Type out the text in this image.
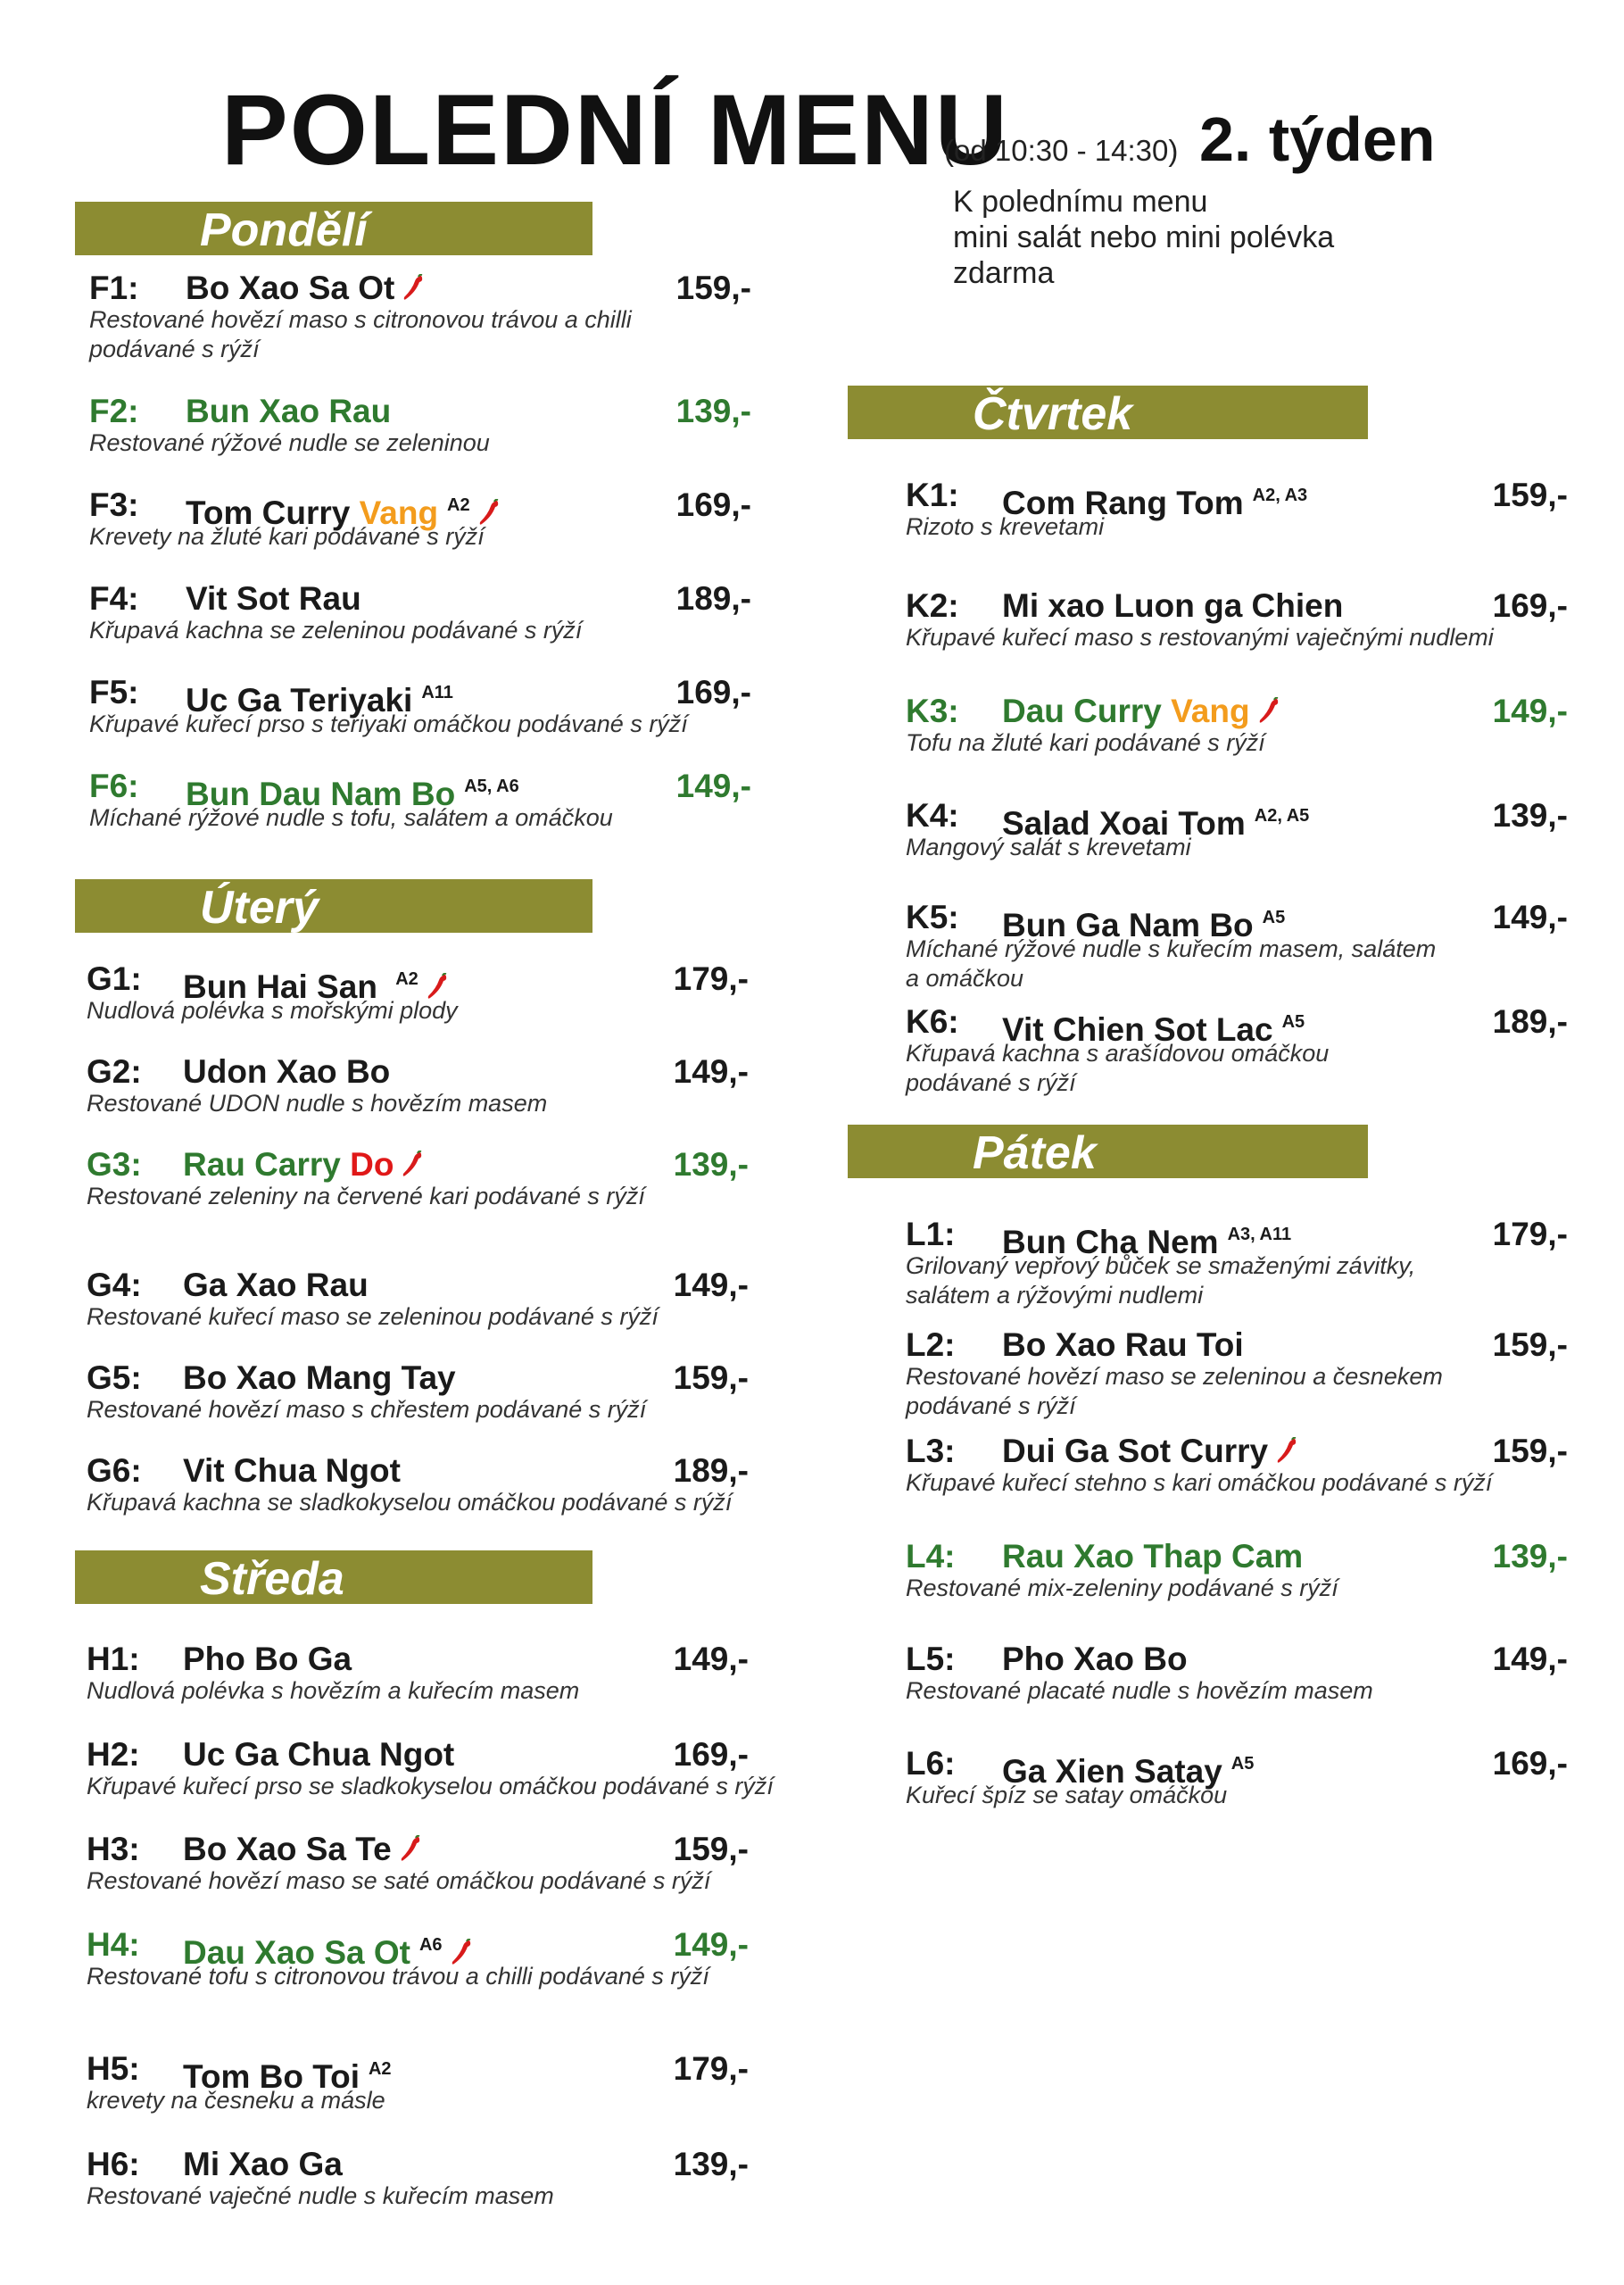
POLEDNÍ MENU
(od 10:30 - 14:30) 2. týden
K polednímu menu
mini salát nebo mini polévka
zdarma
Pondělí
F1: Bo Xao Sa Ot	159,-
Restované hovězí maso s citronovou trávou a chilli
podávané s rýží
F2: Bun Xao Rau	139,-
Restované rýžové nudle se zeleninou
F3: Tom Curry Vang $^{A2}$	169,-
Krevety na žluté kari podávané s rýží
F4: Vit Sot Rau	189,-
Křupavá kachna se zeleninou podávané s rýží
F5: Uc Ga Teriyaki $^{A11}$	169,-
Křupavé kuřecí prso s teriyaki omáčkou podávané s rýží
F6: Bun Dau Nam Bo $^{A5, A6}$	149,-
Míchané rýžové nudle s tofu, salátem a omáčkou
Úterý
G1: Bun Hai San $^{A2}$	179,-
Nudlová polévka s mořskými plody
G2: Udon Xao Bo	149,-
Restované UDON nudle s hovězím masem
G3: Rau Carry Do	139,-
Restované zeleniny na červené kari podávané s rýží
G4: Ga Xao Rau	149,-
Restované kuřecí maso se zeleninou podávané s rýží
G5: Bo Xao Mang Tay	159,-
Restované hovězí maso s chřestem podávané s rýží
G6: Vit Chua Ngot	189,-
Křupavá kachna se sladkokyselou omáčkou podávané s rýží
Středa
H1: Pho Bo Ga	149,-
Nudlová polévka s hovězím a kuřecím masem
H2: Uc Ga Chua Ngot	169,-
Křupavé kuřecí prso se sladkokyselou omáčkou podávané s rýží
H3: Bo Xao Sa Te	159,-
Restované hovězí maso se saté omáčkou podávané s rýží
H4: Dau Xao Sa Ot $^{A6}$	149,-
Restované tofu s citronovou trávou a chilli podávané s rýží
H5: Tom Bo Toi $^{A2}$	179,-
krevety na česneku a másle
H6: Mi Xao Ga	139,-
Restované vaječné nudle s kuřecím masem
Čtvrtek
K1: Com Rang Tom $^{A2, A3}$	159,-
Rizoto s krevetami
K2: Mi xao Luon ga Chien	169,-
Křupavé kuřecí maso s restovanými vaječnými nudlemi
K3: Dau Curry Vang	149,-
Tofu na žluté kari podávané s rýží
K4: Salad Xoai Tom $^{A2, A5}$	139,-
Mangový salát s krevetami
K5: Bun Ga Nam Bo $^{A5}$	149,-
Míchané rýžové nudle s kuřecím masem, salátem
a omáčkou
K6: Vit Chien Sot Lac $^{A5}$	189,-
Křupavá kachna s arašídovou omáčkou
podávané s rýží
Pátek
L1: Bun Cha Nem $^{A3, A11}$	179,-
Grilovaný vepřový bůček se smaženými závitky,
salátem a rýžovými nudlemi
L2: Bo Xao Rau Toi	159,-
Restované hovězí maso se zeleninou a česnekem
podávané s rýží
L3: Dui Ga Sot Curry	159,-
Křupavé kuřecí stehno s kari omáčkou podávané s rýží
L4: Rau Xao Thap Cam	139,-
Restované mix-zeleniny podávané s rýží
L5: Pho Xao Bo	149,-
Restované placaté nudle s hovězím masem
L6: Ga Xien Satay $^{A5}$	169,-
Kuřecí špíz se satay omáčkou
